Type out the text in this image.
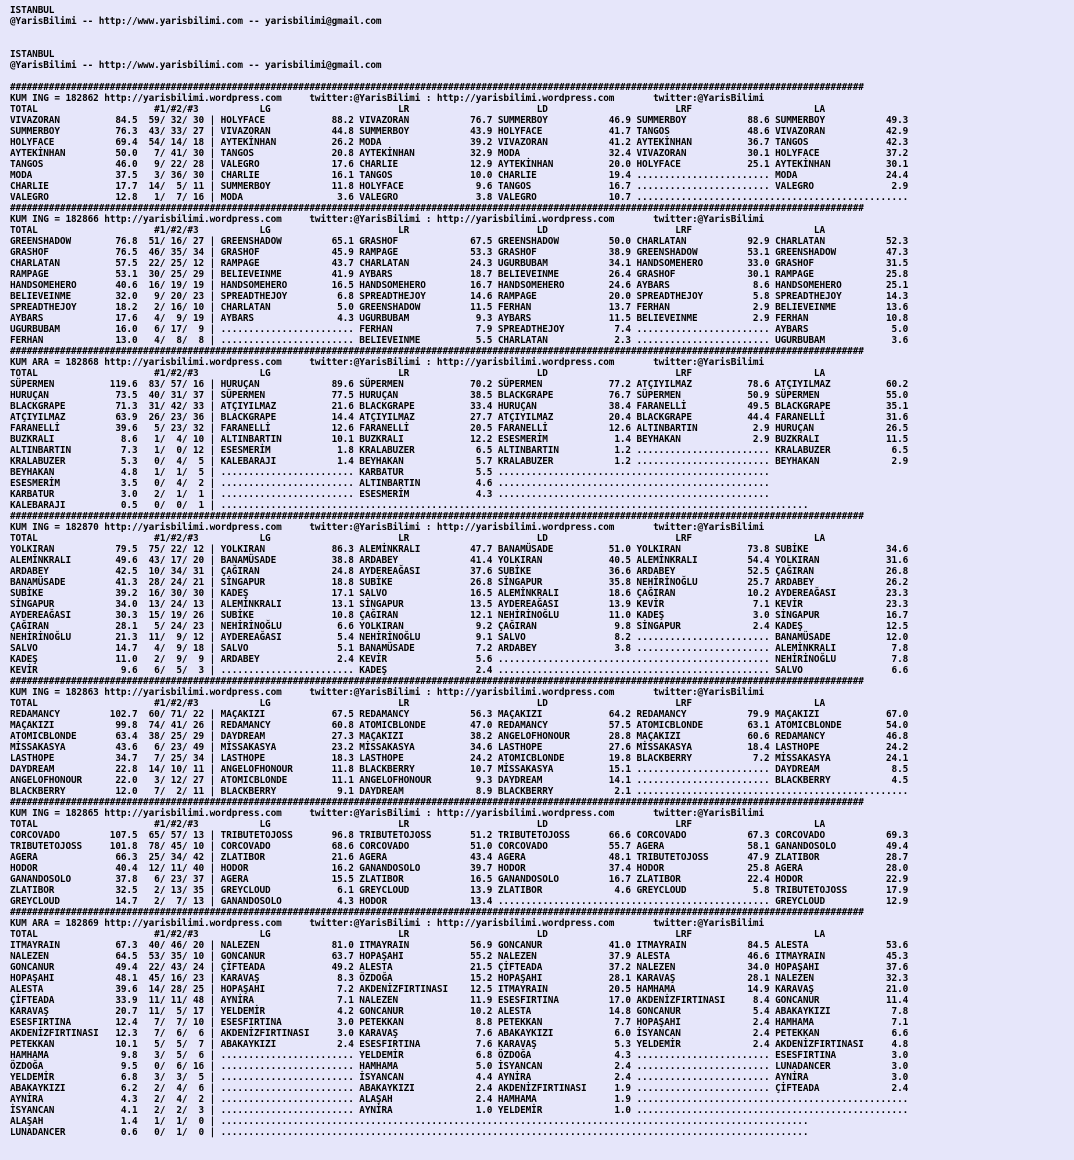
ISTANBUL
@YarisBilimi -- http://www.yarisbilimi.com -- yarisbilimi@gmail.com
ISTANBUL
@YarisBilimi -- http://www.yarisbilimi.com -- yarisbilimi@gmail.com
##########################################################################################################################################################
KUM ING = 182862 http://yarisbilimi.wordpress.com     twitter:@YarisBilimi : http://yarisbilimi.wordpress.com       twitter:@YarisBilimi
TOTAL                     #1/#2/#3           LG                       LR                       LD                       LRF                      LA
VIVAZORAN          84.5  59/ 32/ 30 | HOLYFACE            88.2 VIVAZORAN           76.7 SUMMERBOY           46.9 SUMMERBOY           88.6 SUMMERBOY           49.3
SUMMERBOY          76.3  43/ 33/ 27 | VIVAZORAN           44.8 SUMMERBOY           43.9 HOLYFACE            41.7 TANGOS              48.6 VIVAZORAN           42.9
HOLYFACE           69.4  54/ 14/ 18 | AYTEKİNHAN          26.2 MODA                39.2 VIVAZORAN           41.2 AYTEKİNHAN          36.7 TANGOS              42.3
AYTEKİNHAN         50.0   7/ 41/ 30 | TANGOS              20.8 AYTEKİNHAN          32.9 MODA                32.4 VIVAZORAN           30.1 HOLYFACE            37.2
TANGOS             46.0   9/ 22/ 28 | VALEGRO             17.6 CHARLIE             12.9 AYTEKİNHAN          20.0 HOLYFACE            25.1 AYTEKİNHAN          30.1
MODA               37.5   3/ 36/ 30 | CHARLIE             16.1 TANGOS              10.0 CHARLIE             19.4 ........................ MODA                24.4
CHARLIE            17.7  14/  5/ 11 | SUMMERBOY           11.8 HOLYFACE             9.6 TANGOS              16.7 ........................ VALEGRO              2.9
VALEGRO            12.8   1/  7/ 16 | MODA                 3.6 VALEGRO              3.8 VALEGRO             10.7 .................................................
##########################################################################################################################################################
KUM ING = 182866 http://yarisbilimi.wordpress.com     twitter:@YarisBilimi : http://yarisbilimi.wordpress.com       twitter:@YarisBilimi
TOTAL                     #1/#2/#3           LG                       LR                       LD                       LRF                      LA
GREENSHADOW        76.8  51/ 16/ 27 | GREENSHADOW         65.1 GRASHOF             67.5 GREENSHADOW         50.0 CHARLATAN           92.9 CHARLATAN           52.3
GRASHOF            76.5  46/ 35/ 34 | GRASHOF             45.9 RAMPAGE             53.3 GRASHOF             38.9 GREENSHADOW         53.1 GREENSHADOW         47.3
CHARLATAN          57.5  22/ 25/ 12 | RAMPAGE             43.7 CHARLATAN           24.3 UGURBUBAM           34.1 HANDSOMEHERO        33.0 GRASHOF             31.5
RAMPAGE            53.1  30/ 25/ 29 | BELIEVEINME         41.9 AYBARS              18.7 BELIEVEINME         26.4 GRASHOF             30.1 RAMPAGE             25.8
HANDSOMEHERO       40.6  16/ 19/ 19 | HANDSOMEHERO        16.5 HANDSOMEHERO        16.7 HANDSOMEHERO        24.6 AYBARS               8.6 HANDSOMEHERO        25.1
BELIEVEINME        32.0   9/ 20/ 23 | SPREADTHEJOY         6.8 SPREADTHEJOY        14.6 RAMPAGE             20.0 SPREADTHEJOY         5.8 SPREADTHEJOY        14.3
SPREADTHEJOY       18.2   2/ 16/ 10 | CHARLATAN            5.0 GREENSHADOW         11.5 FERHAN              13.7 FERHAN               2.9 BELIEVEINME         13.6
AYBARS             17.6   4/  9/ 19 | AYBARS               4.3 UGURBUBAM            9.3 AYBARS              11.5 BELIEVEINME          2.9 FERHAN              10.8
UGURBUBAM          16.0   6/ 17/  9 | ........................ FERHAN               7.9 SPREADTHEJOY         7.4 ........................ AYBARS               5.0
FERHAN             13.0   4/  8/  8 | ........................ BELIEVEINME          5.5 CHARLATAN            2.3 ........................ UGURBUBAM            3.6
##########################################################################################################################################################
KUM ARA = 182868 http://yarisbilimi.wordpress.com     twitter:@YarisBilimi : http://yarisbilimi.wordpress.com       twitter:@YarisBilimi
TOTAL                     #1/#2/#3           LG                       LR                       LD                       LRF                      LA
SÜPERMEN          119.6  83/ 57/ 16 | HURUÇAN             89.6 SÜPERMEN            70.2 SÜPERMEN            77.2 ATÇIYILMAZ          78.6 ATÇIYILMAZ          60.2
HURUÇAN            73.5  40/ 31/ 37 | SÜPERMEN            77.5 HURUÇAN             38.5 BLACKGRAPE          76.7 SÜPERMEN            50.9 SÜPERMEN            55.0
BLACKGRAPE         71.3  31/ 42/ 33 | ATÇIYILMAZ          21.6 BLACKGRAPE          33.4 HURUÇAN             38.4 FARANELLİ           49.5 BLACKGRAPE          35.1
ATÇIYILMAZ         63.9  26/ 23/ 36 | BLACKGRAPE          14.4 ATÇIYILMAZ          27.7 ATÇIYILMAZ          20.4 BLACKGRAPE          44.4 FARANELLİ           31.6
FARANELLİ          39.6   5/ 23/ 32 | FARANELLİ           12.6 FARANELLİ           20.5 FARANELLİ           12.6 ALTINBARTIN          2.9 HURUÇAN             26.5
BUZKRALI            8.6   1/  4/ 10 | ALTINBARTIN         10.1 BUZKRALI            12.2 ESESMERİM            1.4 BEYHAKAN             2.9 BUZKRALI            11.5
ALTINBARTIN         7.3   1/  0/ 12 | ESESMERİM            1.8 KRALABUZER           6.5 ALTINBARTIN          1.2 ........................ KRALABUZER           6.5
KRALABUZER          5.3   0/  4/  5 | KALEBARAJI           1.4 BEYHAKAN             5.7 KRALABUZER           1.2 ........................ BEYHAKAN             2.9
BEYHAKAN            4.8   1/  1/  5 | ........................ KARBATUR             5.5 .................................................
ESESMERİM           3.5   0/  4/  2 | ........................ ALTINBARTIN          4.6 .................................................
KARBATUR            3.0   2/  1/  1 | ........................ ESESMERİM            4.3 .................................................
KALEBARAJI          0.5   0/  0/  1 | ..........................................................................................................
##########################################################################################################################################################
KUM ING = 182870 http://yarisbilimi.wordpress.com     twitter:@YarisBilimi : http://yarisbilimi.wordpress.com       twitter:@YarisBilimi
TOTAL                     #1/#2/#3           LG                       LR                       LD                       LRF                      LA
YOLKIRAN           79.5  75/ 22/ 12 | YOLKIRAN            86.3 ALEMİNKRALI         47.7 BANAMÜSADE          51.0 YOLKIRAN            73.8 SUBİKE              34.6
ALEMİNKRALI        49.6  43/ 17/ 20 | BANAMÜSADE          38.8 ARDABEY             41.4 YOLKIRAN            40.5 ALEMİNKRALI         54.4 YOLKIRAN            31.6
ARDABEY            42.5  10/ 34/ 31 | ÇAĞIRAN             24.8 AYDEREAĞASI         37.6 SUBİKE              36.6 ARDABEY             52.5 ÇAĞIRAN             26.8
BANAMÜSADE         41.3  28/ 24/ 21 | SİNGAPUR            18.8 SUBİKE              26.8 SİNGAPUR            35.8 NEHİRİNOĞLU         25.7 ARDABEY             26.2
SUBİKE             39.2  16/ 30/ 30 | KADEŞ               17.1 SALVO               16.5 ALEMİNKRALI         18.6 ÇAĞIRAN             10.2 AYDEREAĞASI         23.3
SİNGAPUR           34.0  13/ 24/ 13 | ALEMİNKRALI         13.1 SİNGAPUR            13.5 AYDEREAĞASI         13.9 KEVİR                7.1 KEVİR               23.3
AYDEREAĞASI        30.3  15/ 19/ 26 | SUBİKE              10.8 ÇAĞIRAN             12.1 NEHİRİNOĞLU         11.0 KADEŞ                3.0 SİNGAPUR            16.7
ÇAĞIRAN            28.1   5/ 24/ 23 | NEHİRİNOĞLU          6.6 YOLKIRAN             9.2 ÇAĞIRAN              9.8 SİNGAPUR             2.4 KADEŞ               12.5
NEHİRİNOĞLU        21.3  11/  9/ 12 | AYDEREAĞASI          5.4 NEHİRİNOĞLU          9.1 SALVO                8.2 ........................ BANAMÜSADE          12.0
SALVO              14.7   4/  9/ 18 | SALVO                5.1 BANAMÜSADE           7.2 ARDABEY              3.8 ........................ ALEMİNKRALI          7.8
KADEŞ              11.0   2/  9/  9 | ARDABEY              2.4 KEVİR                5.6 ................................................. NEHİRİNOĞLU          7.8
KEVİR               9.6   6/  5/  3 | ........................ KADEŞ                2.4 ................................................. SALVO                6.6
##########################################################################################################################################################
KUM ING = 182863 http://yarisbilimi.wordpress.com     twitter:@YarisBilimi : http://yarisbilimi.wordpress.com       twitter:@YarisBilimi
TOTAL                     #1/#2/#3           LG                       LR                       LD                       LRF                      LA
REDAMANCY         102.7  60/ 71/ 22 | MAÇAKIZI            67.5 REDAMANCY           56.3 MAÇAKIZI            64.2 REDAMANCY           79.9 MAÇAKIZI            67.0
MAÇAKIZI           99.8  74/ 41/ 26 | REDAMANCY           60.8 ATOMICBLONDE        47.0 REDAMANCY           57.5 ATOMICBLONDE        63.1 ATOMICBLONDE        54.0
ATOMICBLONDE       63.4  38/ 25/ 29 | DAYDREAM            27.3 MAÇAKIZI            38.2 ANGELOFHONOUR       28.8 MAÇAKIZI            60.6 REDAMANCY           46.8
MİSSAKASYA         43.6   6/ 23/ 49 | MİSSAKASYA          23.2 MİSSAKASYA          34.6 LASTHOPE            27.6 MİSSAKASYA          18.4 LASTHOPE            24.2
LASTHOPE           34.7   7/ 25/ 34 | LASTHOPE            18.3 LASTHOPE            24.2 ATOMICBLONDE        19.8 BLACKBERRY           7.2 MİSSAKASYA          24.1
DAYDREAM           22.8  14/ 10/ 11 | ANGELOFHONOUR       11.8 BLACKBERRY          10.7 MİSSAKASYA          15.1 ........................ DAYDREAM             8.5
ANGELOFHONOUR      22.0   3/ 12/ 27 | ATOMICBLONDE        11.1 ANGELOFHONOUR        9.3 DAYDREAM            14.1 ........................ BLACKBERRY           4.5
BLACKBERRY         12.0   7/  2/ 11 | BLACKBERRY           9.1 DAYDREAM             8.9 BLACKBERRY           2.1 .................................................
##########################################################################################################################################################
KUM ING = 182865 http://yarisbilimi.wordpress.com     twitter:@YarisBilimi : http://yarisbilimi.wordpress.com       twitter:@YarisBilimi
TOTAL                     #1/#2/#3           LG                       LR                       LD                       LRF                      LA
CORCOVADO         107.5  65/ 57/ 13 | TRIBUTETOJOSS       96.8 TRIBUTETOJOSS       51.2 TRIBUTETOJOSS       66.6 CORCOVADO           67.3 CORCOVADO           69.3
TRIBUTETOJOSS     101.8  78/ 45/ 10 | CORCOVADO           68.6 CORCOVADO           51.0 CORCOVADO           55.7 AGERA               58.1 GANANDOSOLO         49.4
AGERA              66.3  25/ 34/ 42 | ZLATIBOR            21.6 AGERA               43.4 AGERA               48.1 TRIBUTETOJOSS       47.9 ZLATIBOR            28.7
HODOR              40.4  12/ 11/ 40 | HODOR               16.2 GANANDOSOLO         39.7 HODOR               37.4 HODOR               25.8 AGERA               28.0
GANANDOSOLO        37.8   6/ 23/ 37 | AGERA               15.5 ZLATIBOR            16.5 GANANDOSOLO         16.7 ZLATIBOR            22.4 HODOR               22.9
ZLATIBOR           32.5   2/ 13/ 35 | GREYCLOUD            6.1 GREYCLOUD           13.9 ZLATIBOR             4.6 GREYCLOUD            5.8 TRIBUTETOJOSS       17.9
GREYCLOUD          14.7   2/  7/ 13 | GANANDOSOLO          4.3 HODOR               13.4 ................................................. GREYCLOUD           12.9
##########################################################################################################################################################
KUM ARA = 182869 http://yarisbilimi.wordpress.com     twitter:@YarisBilimi : http://yarisbilimi.wordpress.com       twitter:@YarisBilimi
TOTAL                     #1/#2/#3           LG                       LR                       LD                       LRF                      LA
ITMAYRAIN          67.3  40/ 46/ 20 | NALEZEN             81.0 ITMAYRAIN           56.9 GONCANUR            41.0 ITMAYRAIN           84.5 ALESTA              53.6
NALEZEN            64.5  53/ 35/ 10 | GONCANUR            63.7 HOPAŞAHI            55.2 NALEZEN             37.9 ALESTA              46.6 ITMAYRAIN           45.3
GONCANUR           49.4  22/ 43/ 24 | ÇİFTEADA            49.2 ALESTA              21.5 ÇİFTEADA            37.2 NALEZEN             34.0 HOPAŞAHI            37.6
HOPAŞAHI           48.1  45/ 16/ 23 | KARAVAŞ              8.3 ÖZDOĞA              15.2 HOPAŞAHI            28.1 KARAVAŞ             28.1 NALEZEN             32.3
ALESTA             39.6  14/ 28/ 25 | HOPAŞAHI             7.2 AKDENİZFIRTINASI    12.5 ITMAYRAIN           20.5 HAMHAMA             14.9 KARAVAŞ             21.0
ÇİFTEADA           33.9  11/ 11/ 48 | AYNİRA               7.1 NALEZEN             11.9 ESESFIRTINA         17.0 AKDENİZFIRTINASI     8.4 GONCANUR            11.4
KARAVAŞ            20.7  11/  5/ 17 | YELDEMİR             4.2 GONCANUR            10.2 ALESTA              14.8 GONCANUR             5.4 ABAKAYKIZI           7.8
ESESFIRTINA        12.4   7/  7/ 10 | ESESFIRTINA          3.0 PETEKKAN             8.8 PETEKKAN             7.7 HOPAŞAHI             2.4 HAMHAMA              7.1
AKDENİZFIRTINASI   12.3   7/  6/  6 | AKDENİZFIRTINASI     3.0 KARAVAŞ              7.6 ABAKAYKIZI           6.0 İSYANCAN             2.4 PETEKKAN             6.6
PETEKKAN           10.1   5/  5/  7 | ABAKAYKIZI           2.4 ESESFIRTINA          7.6 KARAVAŞ              5.3 YELDEMİR             2.4 AKDENİZFIRTINASI     4.8
HAMHAMA             9.8   3/  5/  6 | ........................ YELDEMİR             6.8 ÖZDOĞA               4.3 ........................ ESESFIRTINA          3.0
ÖZDOĞA              9.5   0/  6/ 16 | ........................ HAMHAMA              5.0 İSYANCAN             2.4 ........................ LUNADANCER           3.0
YELDEMİR            6.8   3/  3/  5 | ........................ İSYANCAN             4.4 AYNİRA               2.4 ........................ AYNİRA               3.0
ABAKAYKIZI          6.2   2/  4/  6 | ........................ ABAKAYKIZI           2.4 AKDENİZFIRTINASI     1.9 ........................ ÇİFTEADA             2.4
AYNİRA              4.3   2/  4/  2 | ........................ ALAŞAH               2.4 HAMHAMA              1.9 .................................................
İSYANCAN            4.1   2/  2/  3 | ........................ AYNİRA               1.0 YELDEMİR             1.0 .................................................
ALAŞAH              1.4   1/  1/  0 | ..........................................................................................................
LUNADANCER          0.6   0/  1/  0 | ..........................................................................................................
